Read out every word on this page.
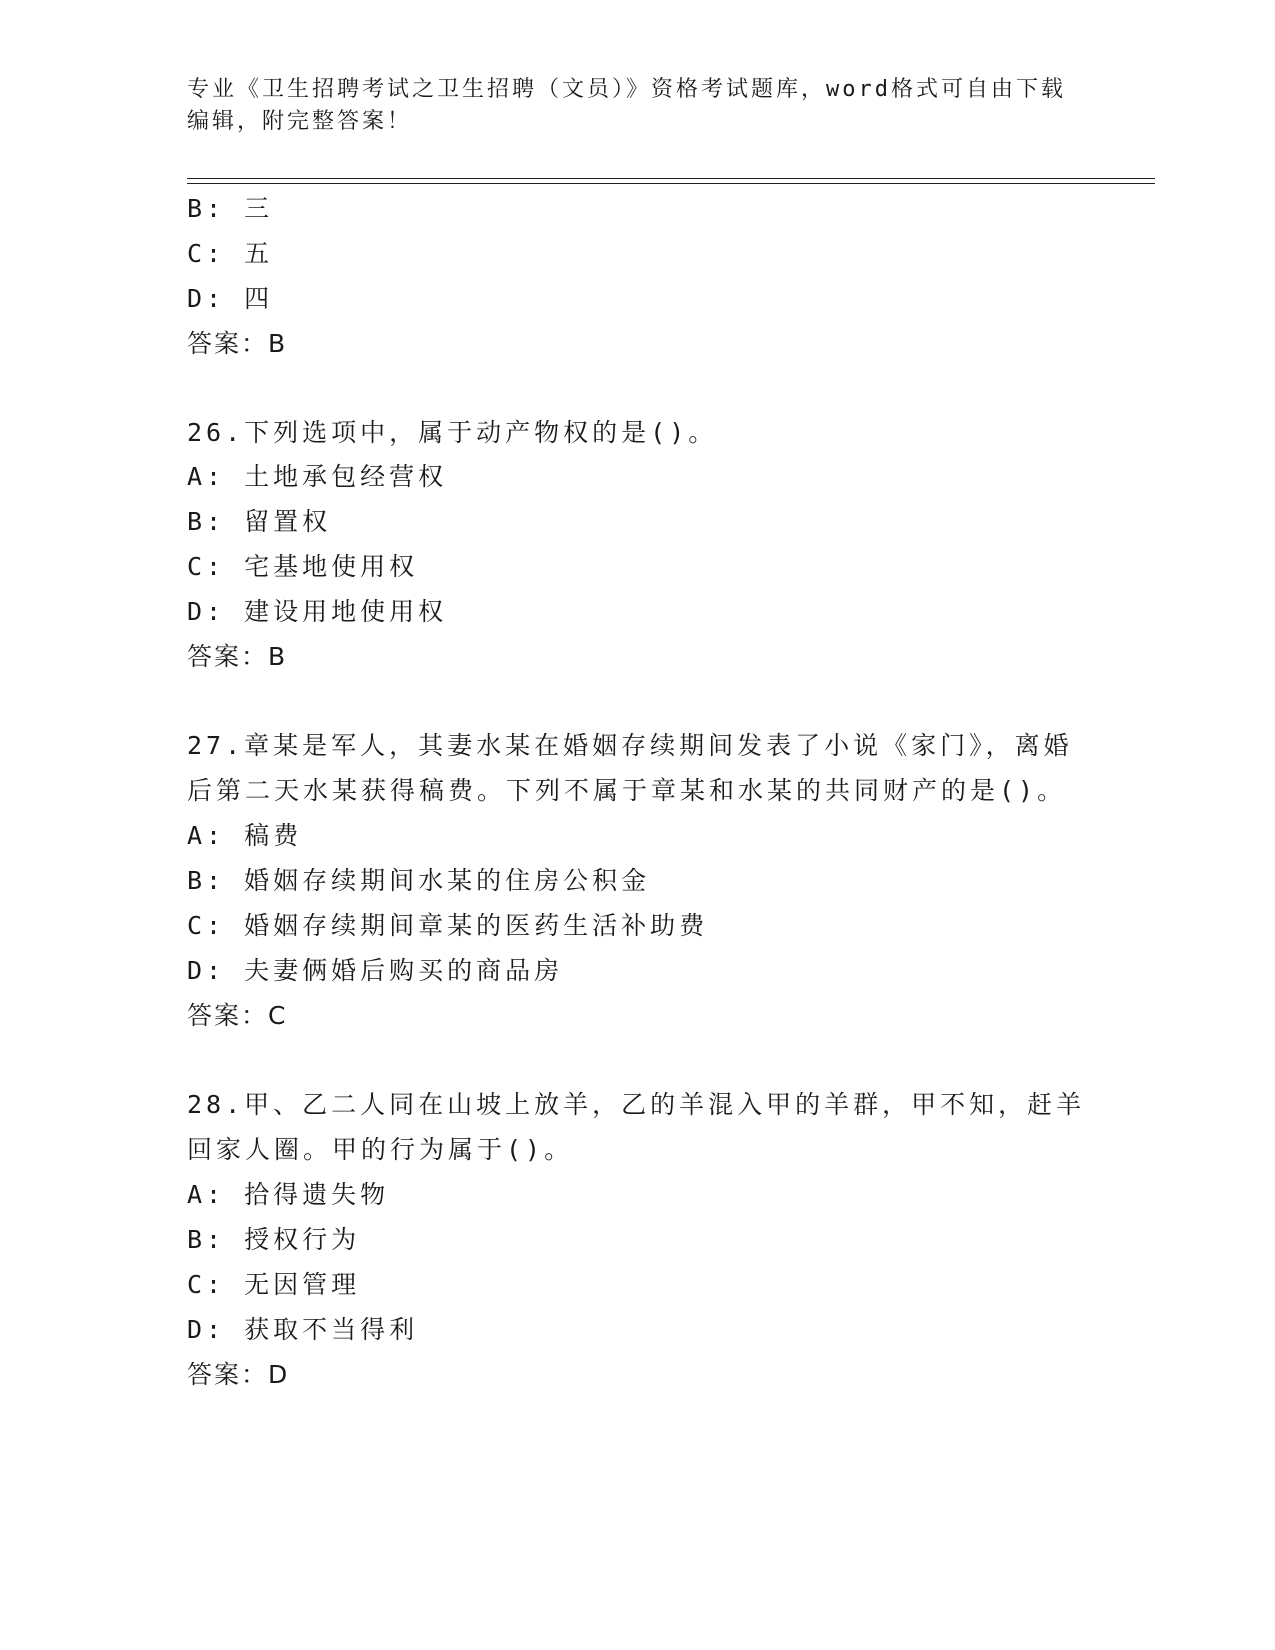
专业《卫生招聘考试之卫生招聘（文员）》资格考试题库，word格式可自由下载编辑，附完整答案！
B: 三
C: 五
D: 四
答案：B
26.下列选项中，属于动产物权的是()。
A: 土地承包经营权
B: 留置权
C: 宅基地使用权
D: 建设用地使用权
答案：B
27.章某是军人，其妻水某在婚姻存续期间发表了小说《家门》，离婚
后第二天水某获得稿费。下列不属于章某和水某的共同财产的是()。
A: 稿费
B: 婚姻存续期间水某的住房公积金
C: 婚姻存续期间章某的医药生活补助费
D: 夫妻俩婚后购买的商品房
答案：C
28.甲、乙二人同在山坡上放羊，乙的羊混入甲的羊群，甲不知，赶羊
回家人圈。甲的行为属于()。
A: 拾得遗失物
B: 授权行为
C: 无因管理
D: 获取不当得利
答案：D
